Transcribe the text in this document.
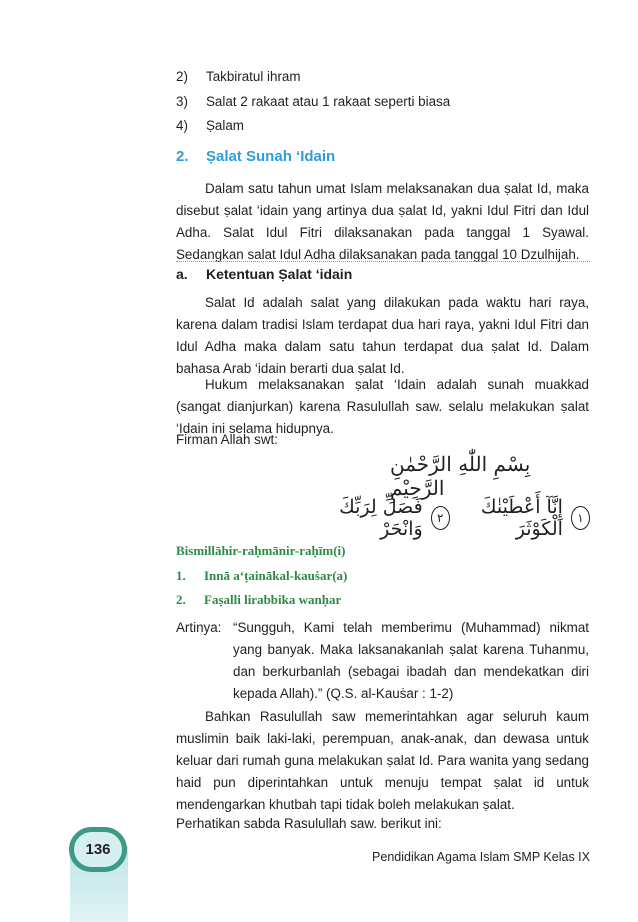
2) Takbiratul ihram
3) Salat 2 rakaat atau 1 rakaat seperti biasa
4) Ṣalam
2. Ṣalat Sunah ‘Idain
Dalam satu tahun umat Islam melaksanakan dua ṣalat Id, maka disebut ṣalat ‘idain yang artinya dua ṣalat Id, yakni Idul Fitri dan Idul Adha. Salat Idul Fitri dilaksanakan pada tanggal 1 Syawal. Sedangkan salat Idul Adha dilaksanakan pada tanggal 10 Dzulhijah.
a. Ketentuan Ṣalat ‘idain
Salat Id adalah salat yang dilakukan pada waktu hari raya, karena dalam tradisi Islam terdapat dua hari raya, yakni Idul Fitri dan Idul Adha maka dalam satu tahun terdapat dua ṣalat Id. Dalam bahasa Arab ‘idain berarti dua ṣalat Id.
Hukum melaksanakan ṣalat ‘Idain adalah sunah muakkad (sangat dianjurkan) karena Rasulullah saw. selalu melakukan ṣalat ‘Idain ini selama hidupnya.
Firman Allah swt:
بِسْمِ اللّٰهِ الرَّحْمٰنِ الرَّحِيْمِ
١
إِنَّآ أَعْطَيْنٰكَ الْكَوْثَرَ
٢
فَصَلِّ لِرَبِّكَ وَانْحَرْ
Bismillāhir-raḥmānir-raḥīm(i)
1. Innā a‘ṭainākal-kauṡar(a)
2. Faṣalli lirabbika wanḥar
Artinya: “Sungguh, Kami telah memberimu (Muhammad) nikmat yang banyak. Maka laksanakanlah ṣalat karena Tuhanmu, dan berkurbanlah (sebagai ibadah dan mendekatkan diri kepada Allah).” (Q.S. al-Kauṡar : 1-2)
Bahkan Rasulullah saw memerintahkan agar seluruh kaum muslimin baik laki-laki, perempuan, anak-anak, dan dewasa untuk keluar dari rumah guna melakukan ṣalat Id. Para wanita yang sedang haid pun diperintahkan untuk menuju tempat ṣalat id untuk mendengarkan khutbah tapi tidak boleh melakukan ṣalat.
Perhatikan sabda Rasulullah saw. berikut ini:
136	Pendidikan Agama Islam SMP Kelas IX
